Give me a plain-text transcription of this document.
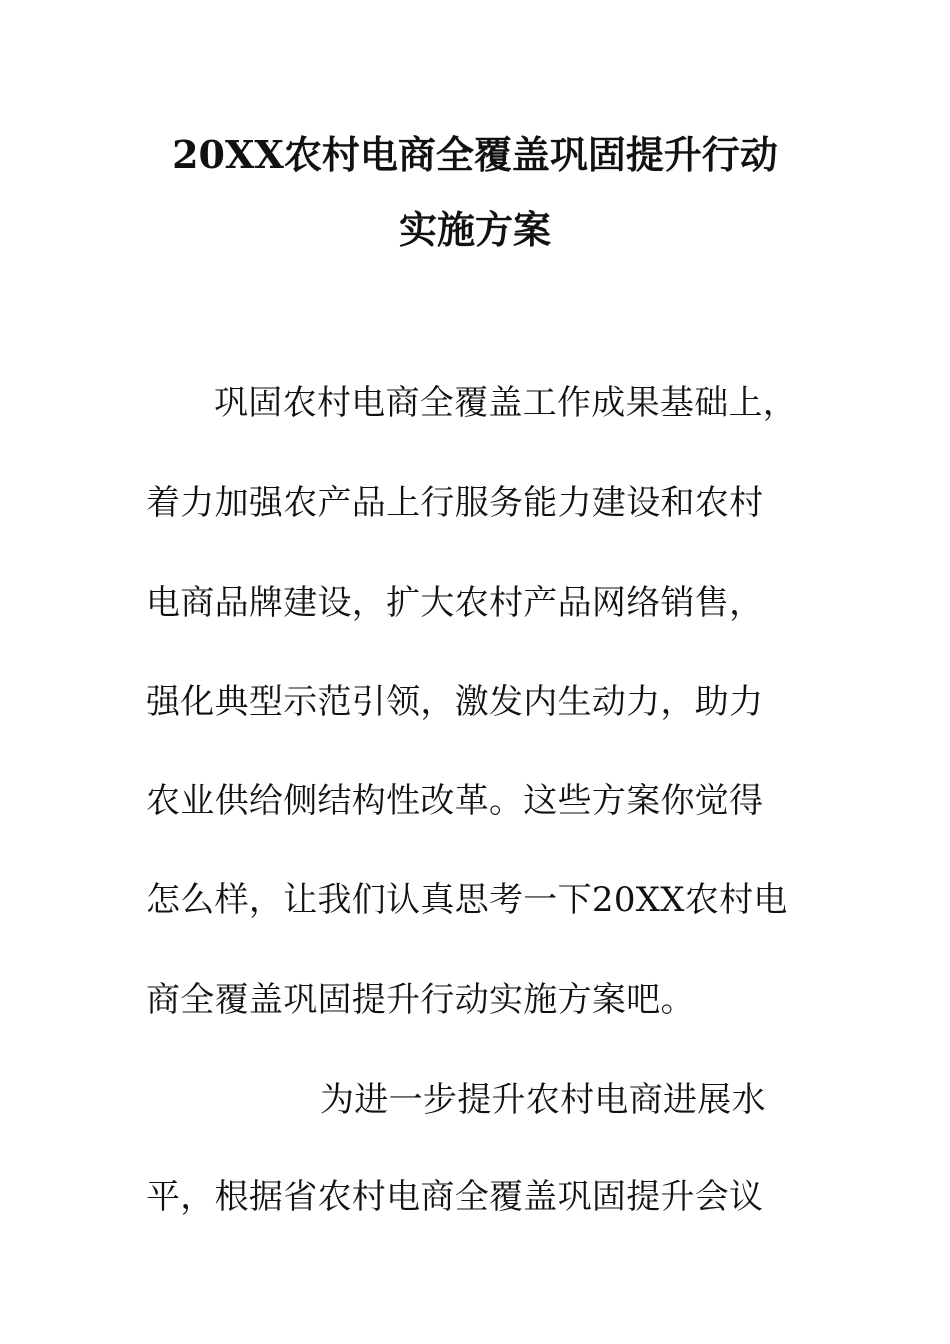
20XX农村电商全覆盖巩固提升行动
实施方案
巩固农村电商全覆盖工作成果基础上，
着力加强农产品上行服务能力建设和农村
电商品牌建设，扩大农村产品网络销售，
强化典型示范引领，激发内生动力，助力
农业供给侧结构性改革。这些方案你觉得
怎么样，让我们认真思考一下20XX农村电
商全覆盖巩固提升行动实施方案吧。
为进一步提升农村电商进展水
平，根据省农村电商全覆盖巩固提升会议
